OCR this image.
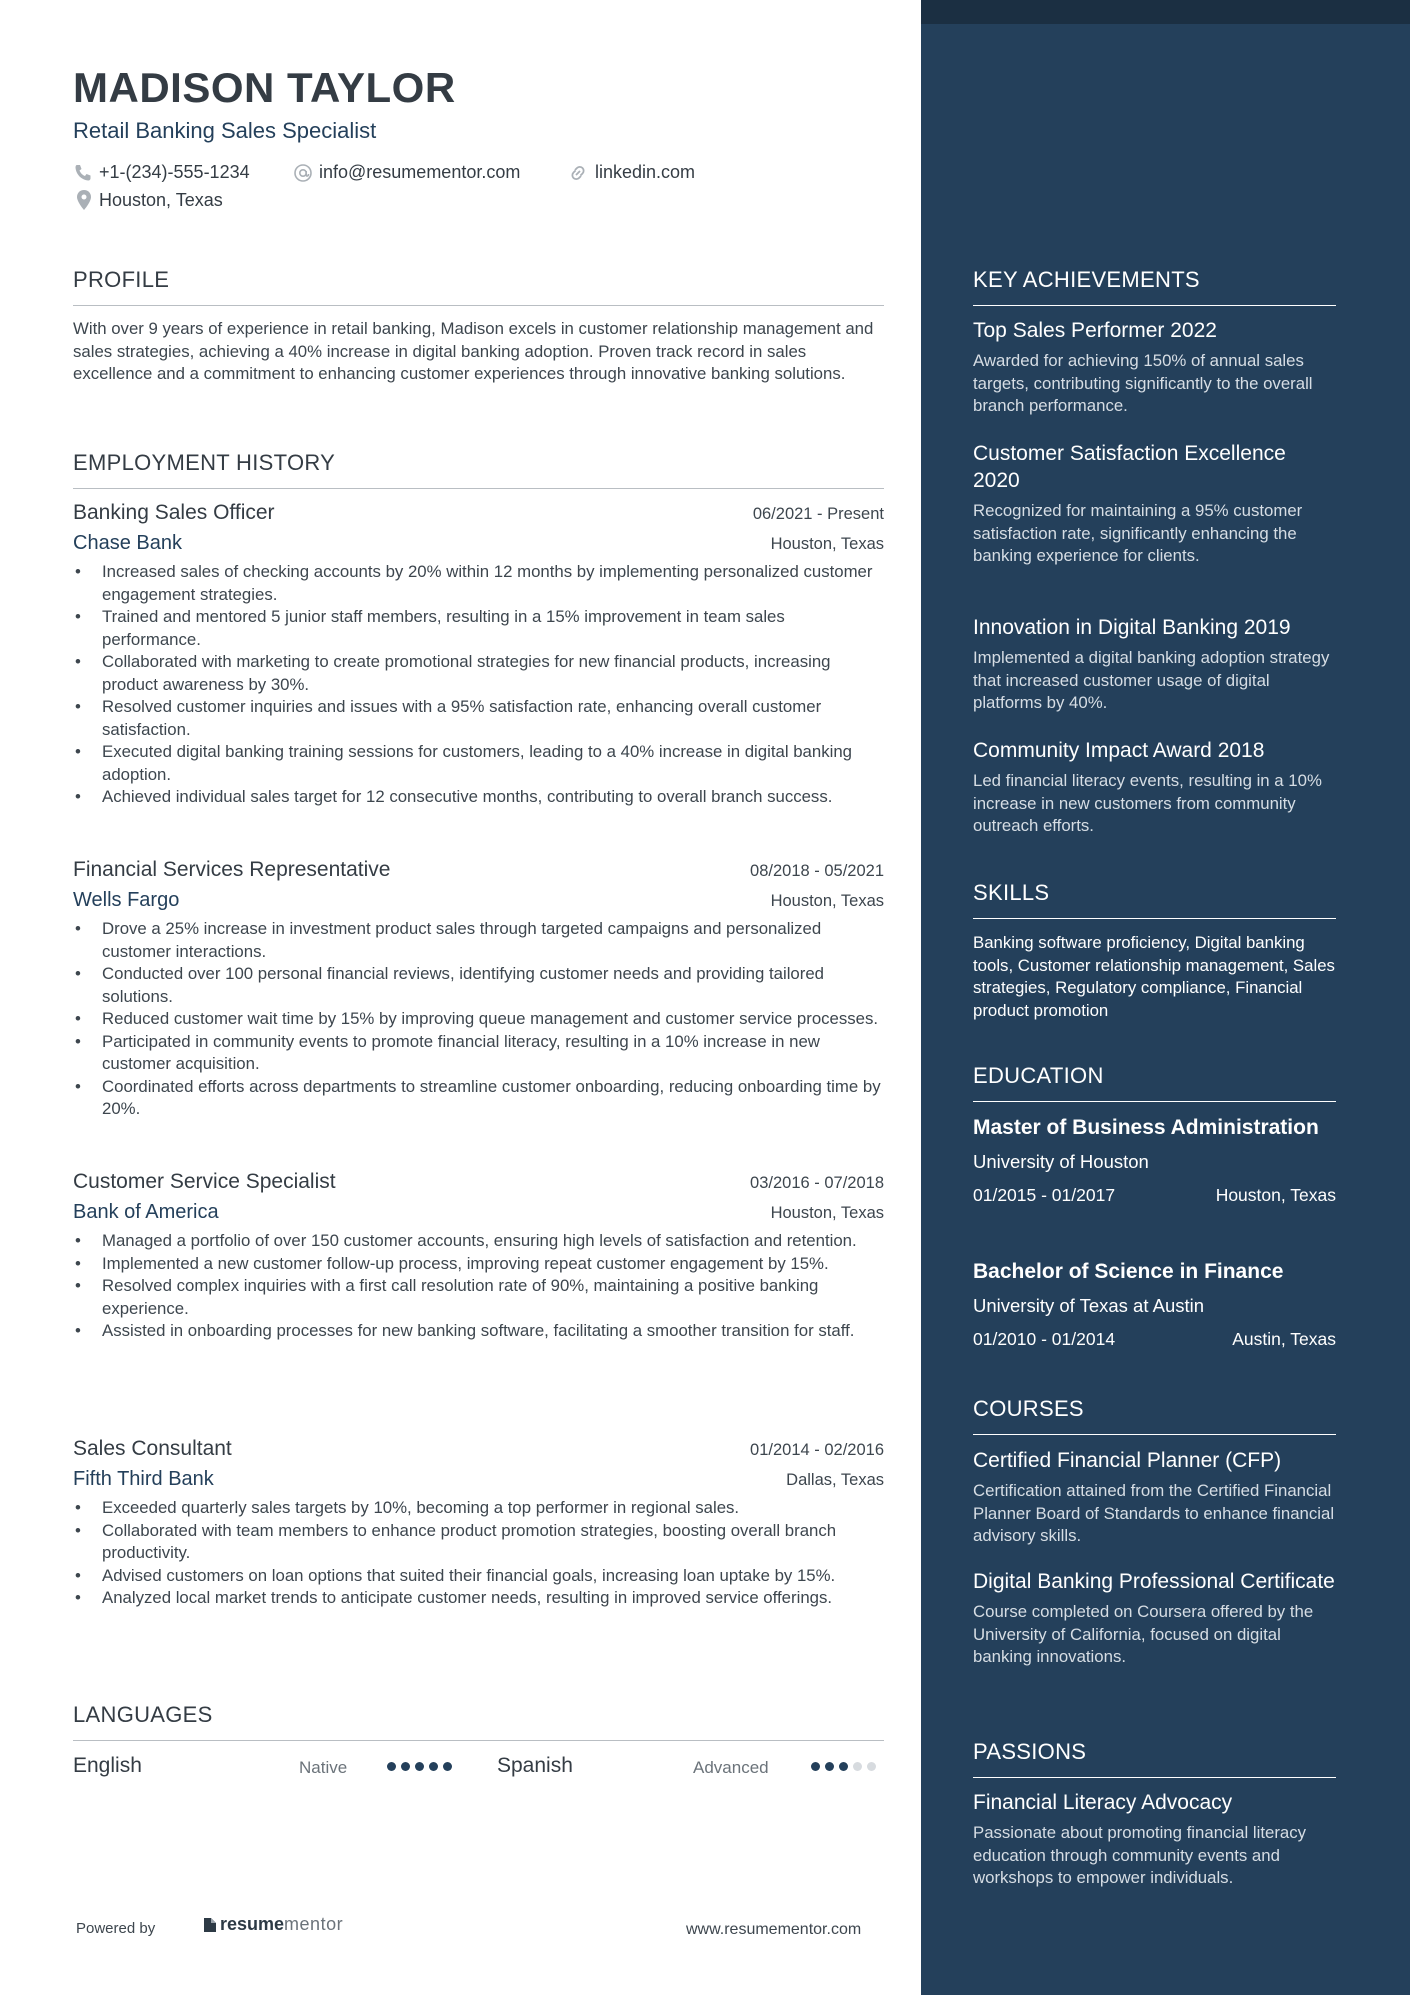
MADISON TAYLOR
Retail Banking Sales Specialist
+1-(234)-555-1234	info@resumementor.com	linkedin.com
Houston, Texas
PROFILE
With over 9 years of experience in retail banking, Madison excels in customer relationship management and sales strategies, achieving a 40% increase in digital banking adoption. Proven track record in sales excellence and a commitment to enhancing customer experiences through innovative banking solutions.
EMPLOYMENT HISTORY
Banking Sales Officer	06/2021 - Present
Chase Bank	Houston, Texas
• Increased sales of checking accounts by 20% within 12 months by implementing personalized customer engagement strategies.
• Trained and mentored 5 junior staff members, resulting in a 15% improvement in team sales performance.
• Collaborated with marketing to create promotional strategies for new financial products, increasing product awareness by 30%.
• Resolved customer inquiries and issues with a 95% satisfaction rate, enhancing overall customer satisfaction.
• Executed digital banking training sessions for customers, leading to a 40% increase in digital banking adoption.
• Achieved individual sales target for 12 consecutive months, contributing to overall branch success.
Financial Services Representative	08/2018 - 05/2021
Wells Fargo	Houston, Texas
• Drove a 25% increase in investment product sales through targeted campaigns and personalized customer interactions.
• Conducted over 100 personal financial reviews, identifying customer needs and providing tailored solutions.
• Reduced customer wait time by 15% by improving queue management and customer service processes.
• Participated in community events to promote financial literacy, resulting in a 10% increase in new customer acquisition.
• Coordinated efforts across departments to streamline customer onboarding, reducing onboarding time by 20%.
Customer Service Specialist	03/2016 - 07/2018
Bank of America	Houston, Texas
• Managed a portfolio of over 150 customer accounts, ensuring high levels of satisfaction and retention.
• Implemented a new customer follow-up process, improving repeat customer engagement by 15%.
• Resolved complex inquiries with a first call resolution rate of 90%, maintaining a positive banking experience.
• Assisted in onboarding processes for new banking software, facilitating a smoother transition for staff.
Sales Consultant	01/2014 - 02/2016
Fifth Third Bank	Dallas, Texas
• Exceeded quarterly sales targets by 10%, becoming a top performer in regional sales.
• Collaborated with team members to enhance product promotion strategies, boosting overall branch productivity.
• Advised customers on loan options that suited their financial goals, increasing loan uptake by 15%.
• Analyzed local market trends to anticipate customer needs, resulting in improved service offerings.
LANGUAGES
English	Native	Spanish	Advanced
Powered by	resume mentor	www.resumementor.com
KEY ACHIEVEMENTS
Top Sales Performer 2022
Awarded for achieving 150% of annual sales targets, contributing significantly to the overall branch performance.
Customer Satisfaction Excellence 2020
Recognized for maintaining a 95% customer satisfaction rate, significantly enhancing the banking experience for clients.
Innovation in Digital Banking 2019
Implemented a digital banking adoption strategy that increased customer usage of digital platforms by 40%.
Community Impact Award 2018
Led financial literacy events, resulting in a 10% increase in new customers from community outreach efforts.
SKILLS
Banking software proficiency, Digital banking tools, Customer relationship management, Sales strategies, Regulatory compliance, Financial product promotion
EDUCATION
Master of Business Administration
University of Houston
01/2015 - 01/2017	Houston, Texas
Bachelor of Science in Finance
University of Texas at Austin
01/2010 - 01/2014	Austin, Texas
COURSES
Certified Financial Planner (CFP)
Certification attained from the Certified Financial Planner Board of Standards to enhance financial advisory skills.
Digital Banking Professional Certificate
Course completed on Coursera offered by the University of California, focused on digital banking innovations.
PASSIONS
Financial Literacy Advocacy
Passionate about promoting financial literacy education through community events and workshops to empower individuals.
